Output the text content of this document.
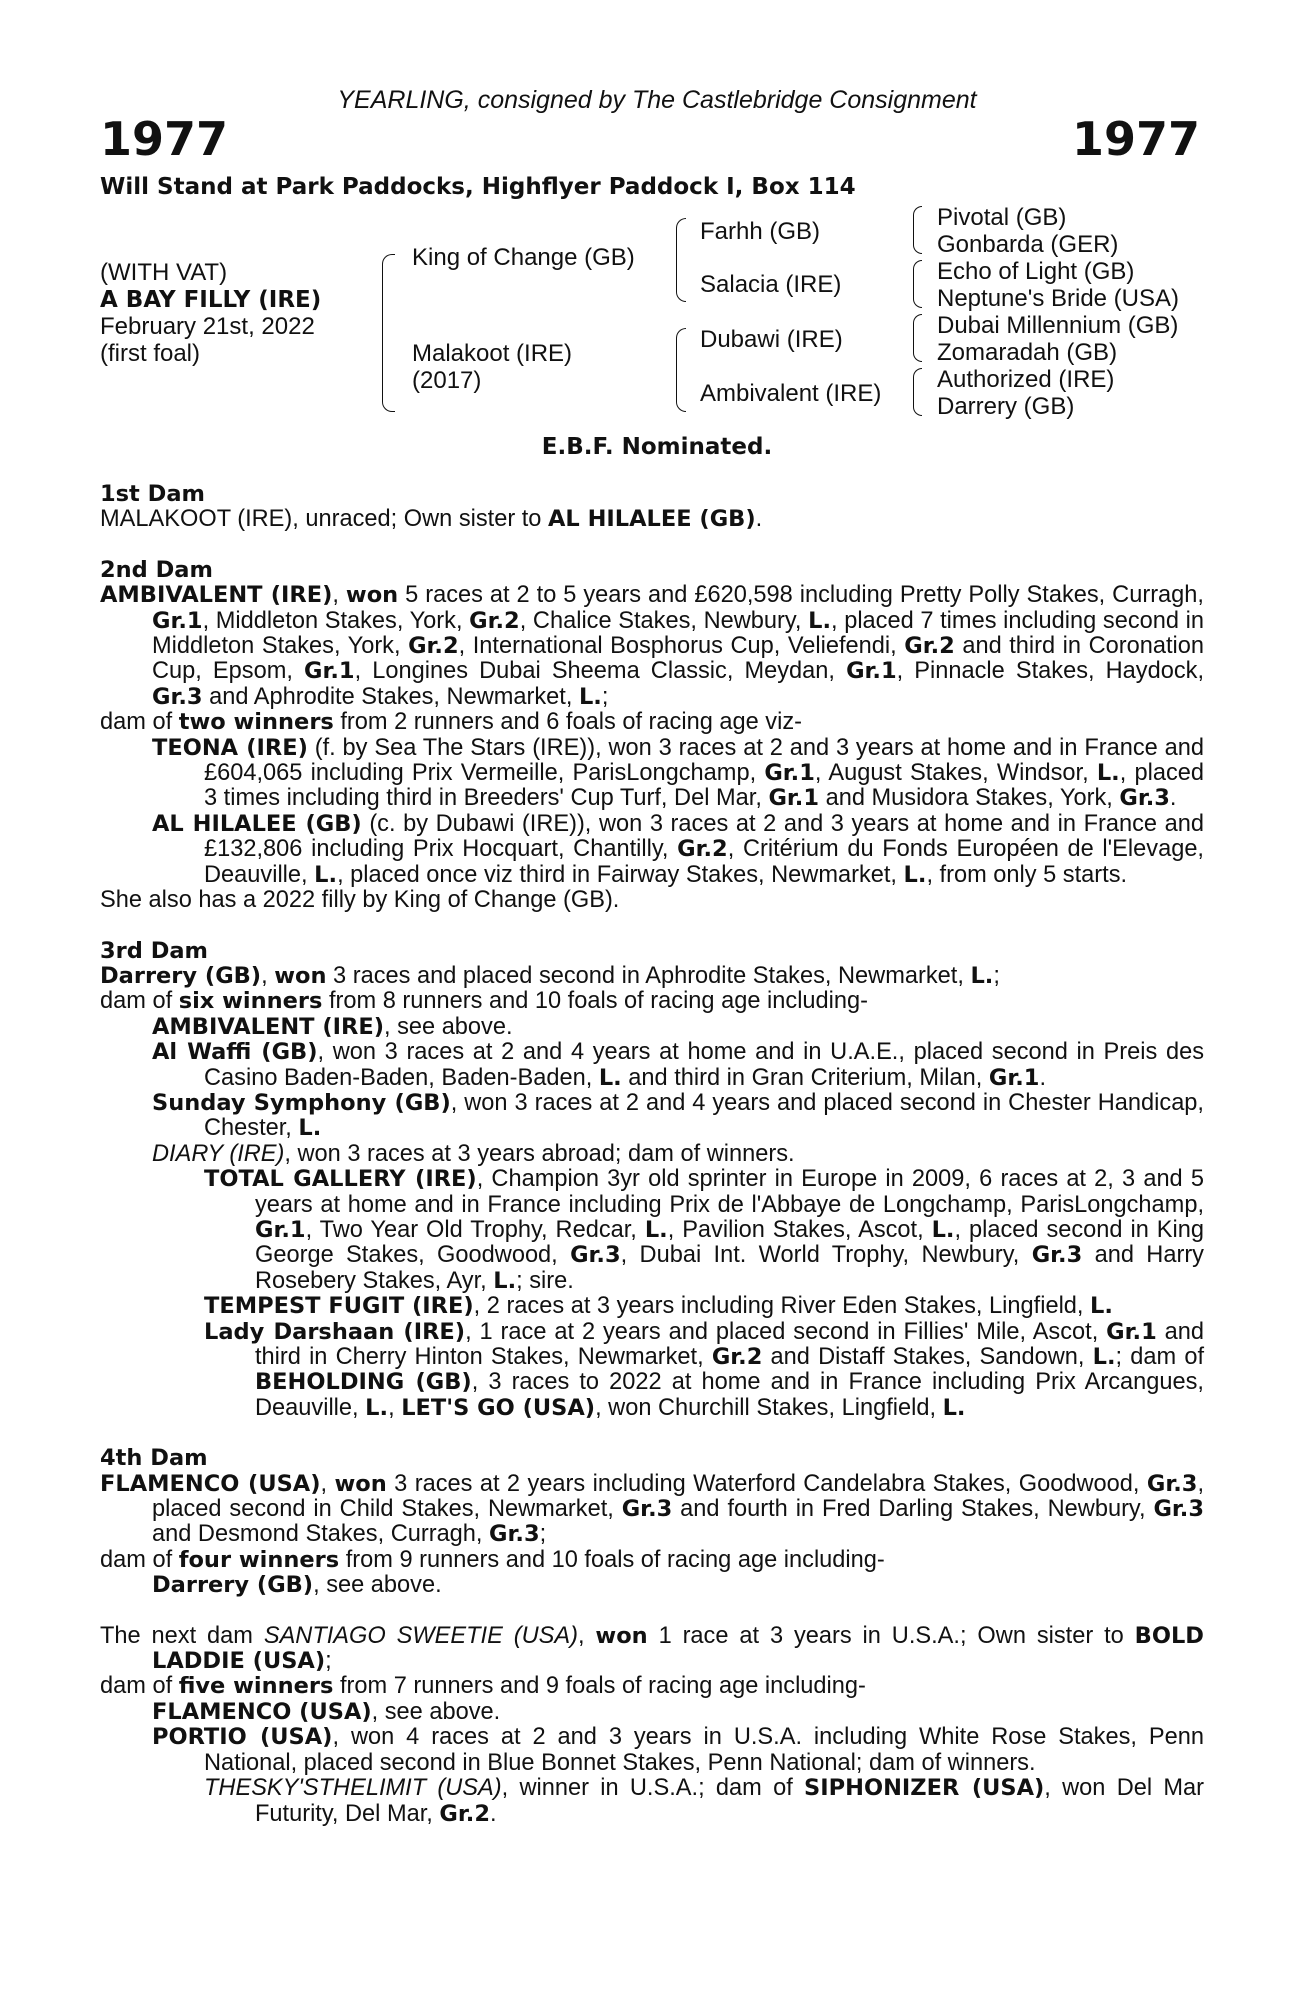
YEARLING, consigned by The Castlebridge Consignment
1977	1977
Will Stand at Park Paddocks, Highflyer Paddock I, Box 114
(WITH VAT)
A BAY FILLY (IRE)
February 21st, 2022
(first foal)
King of Change (GB)
Malakoot (IRE)
(2017)
Farhh (GB)
Salacia (IRE)
Dubawi (IRE)
Ambivalent (IRE)
Pivotal (GB)
Gonbarda (GER)
Echo of Light (GB)
Neptune's Bride (USA)
Dubai Millennium (GB)
Zomaradah (GB)
Authorized (IRE)
Darrery (GB)
E.B.F. Nominated.

1st Dam

MALAKOOT (IRE), unraced; Own sister to AL HILALEE (GB).

2nd Dam

AMBIVALENT (IRE), won 5 races at 2 to 5 years and £620,598 including Pretty Polly Stakes, Curragh, Gr.1, Middleton Stakes, York, Gr.2, Chalice Stakes, Newbury, L., placed 7 times including second in Middleton Stakes, York, Gr.2, International Bosphorus Cup, Veliefendi, Gr.2 and third in Coronation Cup, Epsom, Gr.1, Longines Dubai Sheema Classic, Meydan, Gr.1, Pinnacle Stakes, Haydock, Gr.3 and Aphrodite Stakes, Newmarket, L.;

dam of two winners from 2 runners and 6 foals of racing age viz-

TEONA (IRE) (f. by Sea The Stars (IRE)), won 3 races at 2 and 3 years at home and in France and £604,065 including Prix Vermeille, ParisLongchamp, Gr.1, August Stakes, Windsor, L., placed 3 times including third in Breeders' Cup Turf, Del Mar, Gr.1 and Musidora Stakes, York, Gr.3.

AL HILALEE (GB) (c. by Dubawi (IRE)), won 3 races at 2 and 3 years at home and in France and £132,806 including Prix Hocquart, Chantilly, Gr.2, Critérium du Fonds Européen de l'Elevage, Deauville, L., placed once viz third in Fairway Stakes, Newmarket, L., from only 5 starts.

She also has a 2022 filly by King of Change (GB).

3rd Dam

Darrery (GB), won 3 races and placed second in Aphrodite Stakes, Newmarket, L.;

dam of six winners from 8 runners and 10 foals of racing age including-

AMBIVALENT (IRE), see above.

Al Waffi (GB), won 3 races at 2 and 4 years at home and in U.A.E., placed second in Preis des Casino Baden-Baden, Baden-Baden, L. and third in Gran Criterium, Milan, Gr.1.

Sunday Symphony (GB), won 3 races at 2 and 4 years and placed second in Chester Handicap, Chester, L.

DIARY (IRE), won 3 races at 3 years abroad; dam of winners.

TOTAL GALLERY (IRE), Champion 3yr old sprinter in Europe in 2009, 6 races at 2, 3 and 5 years at home and in France including Prix de l'Abbaye de Longchamp, ParisLongchamp, Gr.1, Two Year Old Trophy, Redcar, L., Pavilion Stakes, Ascot, L., placed second in King George Stakes, Goodwood, Gr.3, Dubai Int. World Trophy, Newbury, Gr.3 and Harry Rosebery Stakes, Ayr, L.; sire.

TEMPEST FUGIT (IRE), 2 races at 3 years including River Eden Stakes, Lingfield, L.

Lady Darshaan (IRE), 1 race at 2 years and placed second in Fillies' Mile, Ascot, Gr.1 and third in Cherry Hinton Stakes, Newmarket, Gr.2 and Distaff Stakes, Sandown, L.; dam of BEHOLDING (GB), 3 races to 2022 at home and in France including Prix Arcangues, Deauville, L., LET'S GO (USA), won Churchill Stakes, Lingfield, L.

4th Dam

FLAMENCO (USA), won 3 races at 2 years including Waterford Candelabra Stakes, Goodwood, Gr.3, placed second in Child Stakes, Newmarket, Gr.3 and fourth in Fred Darling Stakes, Newbury, Gr.3 and Desmond Stakes, Curragh, Gr.3;

dam of four winners from 9 runners and 10 foals of racing age including-

Darrery (GB), see above.

The next dam SANTIAGO SWEETIE (USA), won 1 race at 3 years in U.S.A.; Own sister to BOLD LADDIE (USA);

dam of five winners from 7 runners and 9 foals of racing age including-

FLAMENCO (USA), see above.

PORTIO (USA), won 4 races at 2 and 3 years in U.S.A. including White Rose Stakes, Penn National, placed second in Blue Bonnet Stakes, Penn National; dam of winners.

THESKY'STHELIMIT (USA), winner in U.S.A.; dam of SIPHONIZER (USA), won Del Mar Futurity, Del Mar, Gr.2.
